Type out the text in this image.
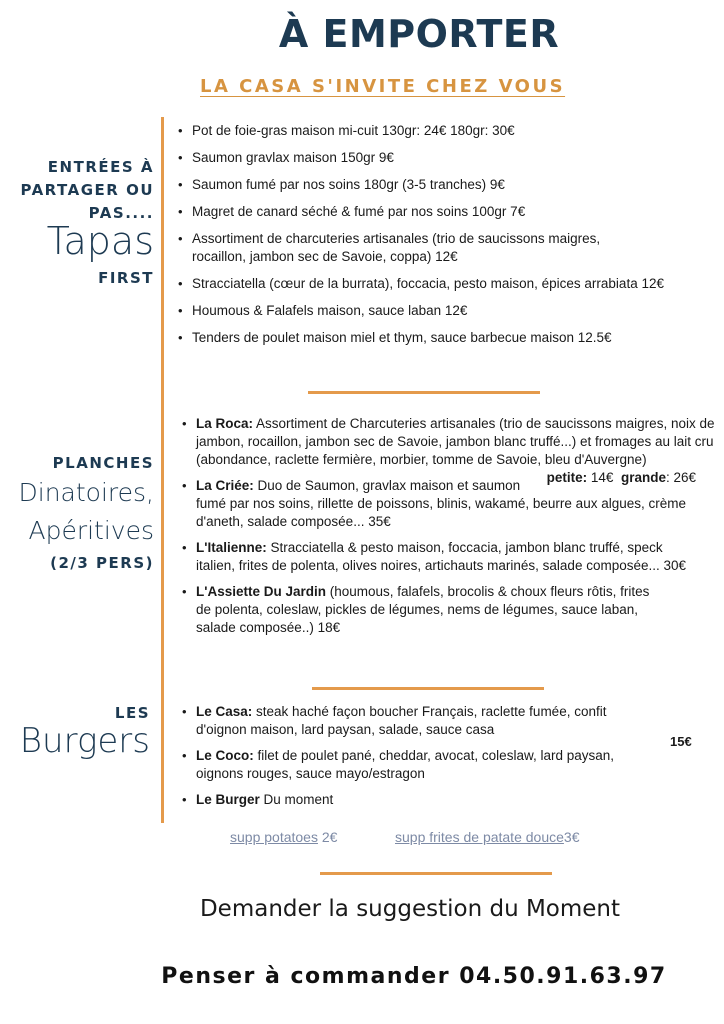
À EMPORTER
LA CASA S'INVITE CHEZ VOUS
ENTRÉES À
PARTAGER OU
PAS....
Tapas
FIRST
• Pot de foie-gras maison mi-cuit 130gr: 24€ 180gr: 30€
• Saumon gravlax maison 150gr 9€
• Saumon fumé par nos soins 180gr (3-5 tranches) 9€
• Magret de canard séché & fumé par nos soins 100gr 7€
• Assortiment de charcuteries artisanales (trio de saucissons maigres, rocaillon, jambon sec de Savoie, coppa) 12€
• Stracciatella (cœur de la burrata), foccacia, pesto maison, épices arrabiata 12€
• Houmous & Falafels maison, sauce laban 12€
• Tenders de poulet maison miel et thym, sauce barbecue maison 12.5€
PLANCHES
Dinatoires,
Apéritives
(2/3 PERS)
• La Roca: Assortiment de Charcuteries artisanales (trio de saucissons maigres, noix de jambon, rocaillon, jambon sec de Savoie, jambon blanc truffé...) et fromages au lait cru (abondance, raclette fermière, morbier, tomme de Savoie, bleu d'Auvergne)
petite: 14€ grande: 26€
• La Criée: Duo de Saumon, gravlax maison et saumon fumé par nos soins, rillette de poissons, blinis, wakamé, beurre aux algues, crème d'aneth, salade composée... 35€
• L'Italienne: Stracciatella & pesto maison, foccacia, jambon blanc truffé, speck italien, frites de polenta, olives noires, artichauts marinés, salade composée... 30€
• L'Assiette Du Jardin (houmous, falafels, brocolis & choux fleurs rôtis, frites de polenta, coleslaw, pickles de légumes, nems de légumes, sauce laban, salade composée..) 18€
LES
Burgers
• Le Casa: steak haché façon boucher Français, raclette fumée, confit d'oignon maison, lard paysan, salade, sauce casa
• Le Coco: filet de poulet pané, cheddar, avocat, coleslaw, lard paysan, oignons rouges, sauce mayo/estragon
• Le Burger Du moment
15€
supp potatoes 2€	supp frites de patate douce3€
Demander la suggestion du Moment
Penser à commander 04.50.91.63.97
